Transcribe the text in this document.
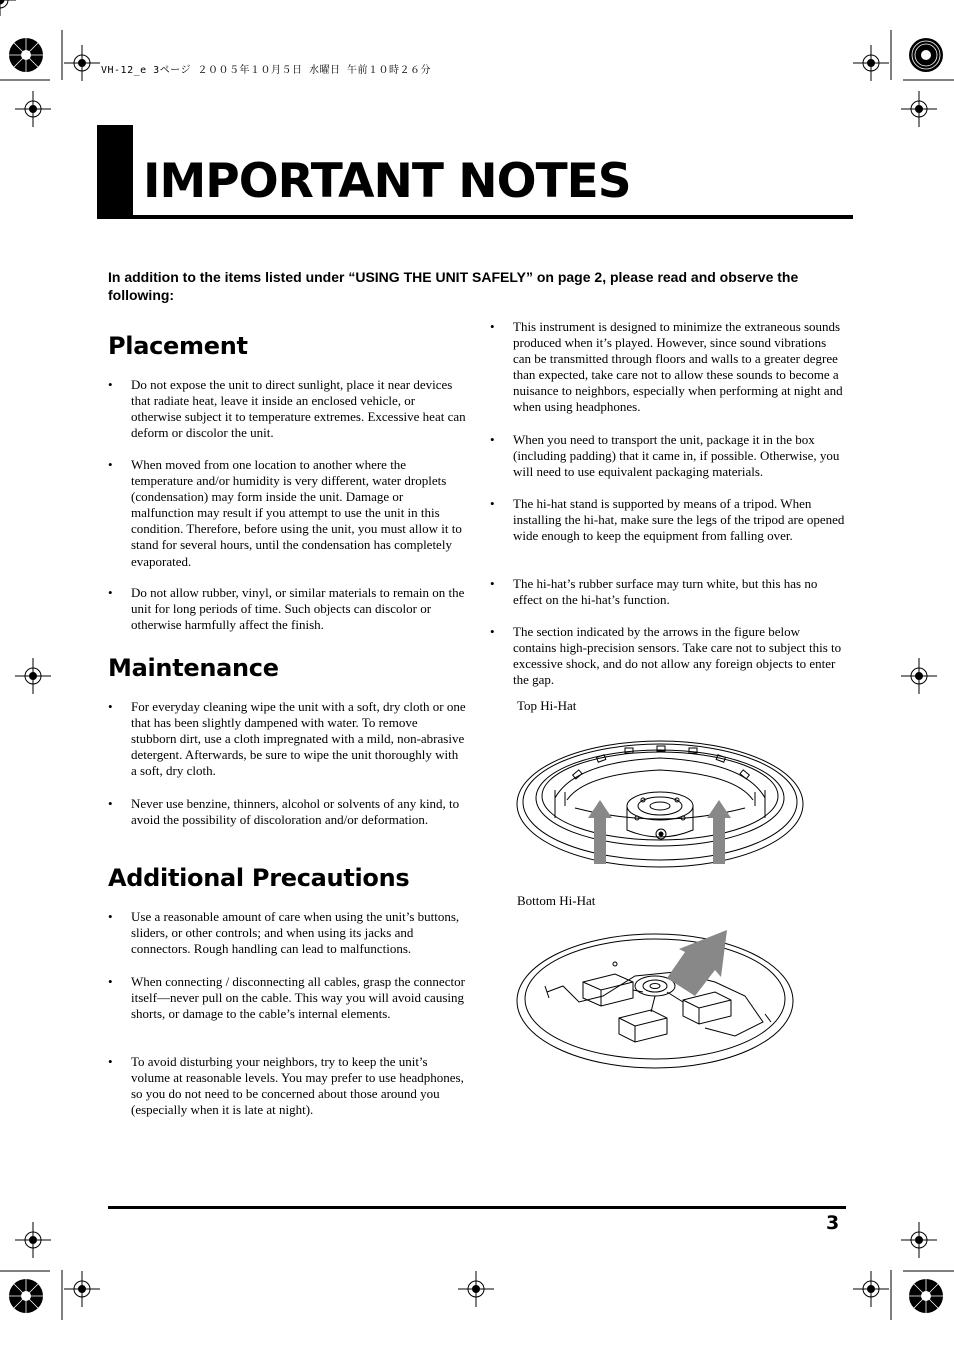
VH-12_e 3ページ ２００５年１０月５日 水曜日 午前１０時２６分
IMPORTANT NOTES
In addition to the items listed under “USING THE UNIT SAFELY” on page 2, please read and observe the following:
Placement
• Do not expose the unit to direct sunlight, place it near devices that radiate heat, leave it inside an enclosed vehicle, or otherwise subject it to temperature extremes. Excessive heat can deform or discolor the unit.
• When moved from one location to another where the temperature and/or humidity is very different, water droplets (condensation) may form inside the unit. Damage or malfunction may result if you attempt to use the unit in this condition. Therefore, before using the unit, you must allow it to stand for several hours, until the condensation has completely evaporated.
• Do not allow rubber, vinyl, or similar materials to remain on the unit for long periods of time. Such objects can discolor or otherwise harmfully affect the finish.
Maintenance
• For everyday cleaning wipe the unit with a soft, dry cloth or one that has been slightly dampened with water. To remove stubborn dirt, use a cloth impregnated with a mild, non-abrasive detergent. Afterwards, be sure to wipe the unit thoroughly with a soft, dry cloth.
• Never use benzine, thinners, alcohol or solvents of any kind, to avoid the possibility of discoloration and/or deformation.
Additional Precautions
• Use a reasonable amount of care when using the unit’s buttons, sliders, or other controls; and when using its jacks and connectors. Rough handling can lead to malfunctions.
• When connecting / disconnecting all cables, grasp the connector itself—never pull on the cable. This way you will avoid causing shorts, or damage to the cable’s internal elements.
• To avoid disturbing your neighbors, try to keep the unit’s volume at reasonable levels. You may prefer to use headphones, so you do not need to be concerned about those around you (especially when it is late at night).
• This instrument is designed to minimize the extraneous sounds produced when it’s played. However, since sound vibrations can be transmitted through floors and walls to a greater degree than expected, take care not to allow these sounds to become a nuisance to neighbors, especially when performing at night and when using headphones.
• When you need to transport the unit, package it in the box (including padding) that it came in, if possible. Otherwise, you will need to use equivalent packaging materials.
• The hi-hat stand is supported by means of a tripod. When installing the hi-hat, make sure the legs of the tripod are opened wide enough to keep the equipment from falling over.
• The hi-hat’s rubber surface may turn white, but this has no effect on the hi-hat’s function.
• The section indicated by the arrows in the figure below contains high-precision sensors. Take care not to subject this to excessive shock, and do not allow any foreign objects to enter the gap.
Top Hi-Hat
Bottom Hi-Hat
3
